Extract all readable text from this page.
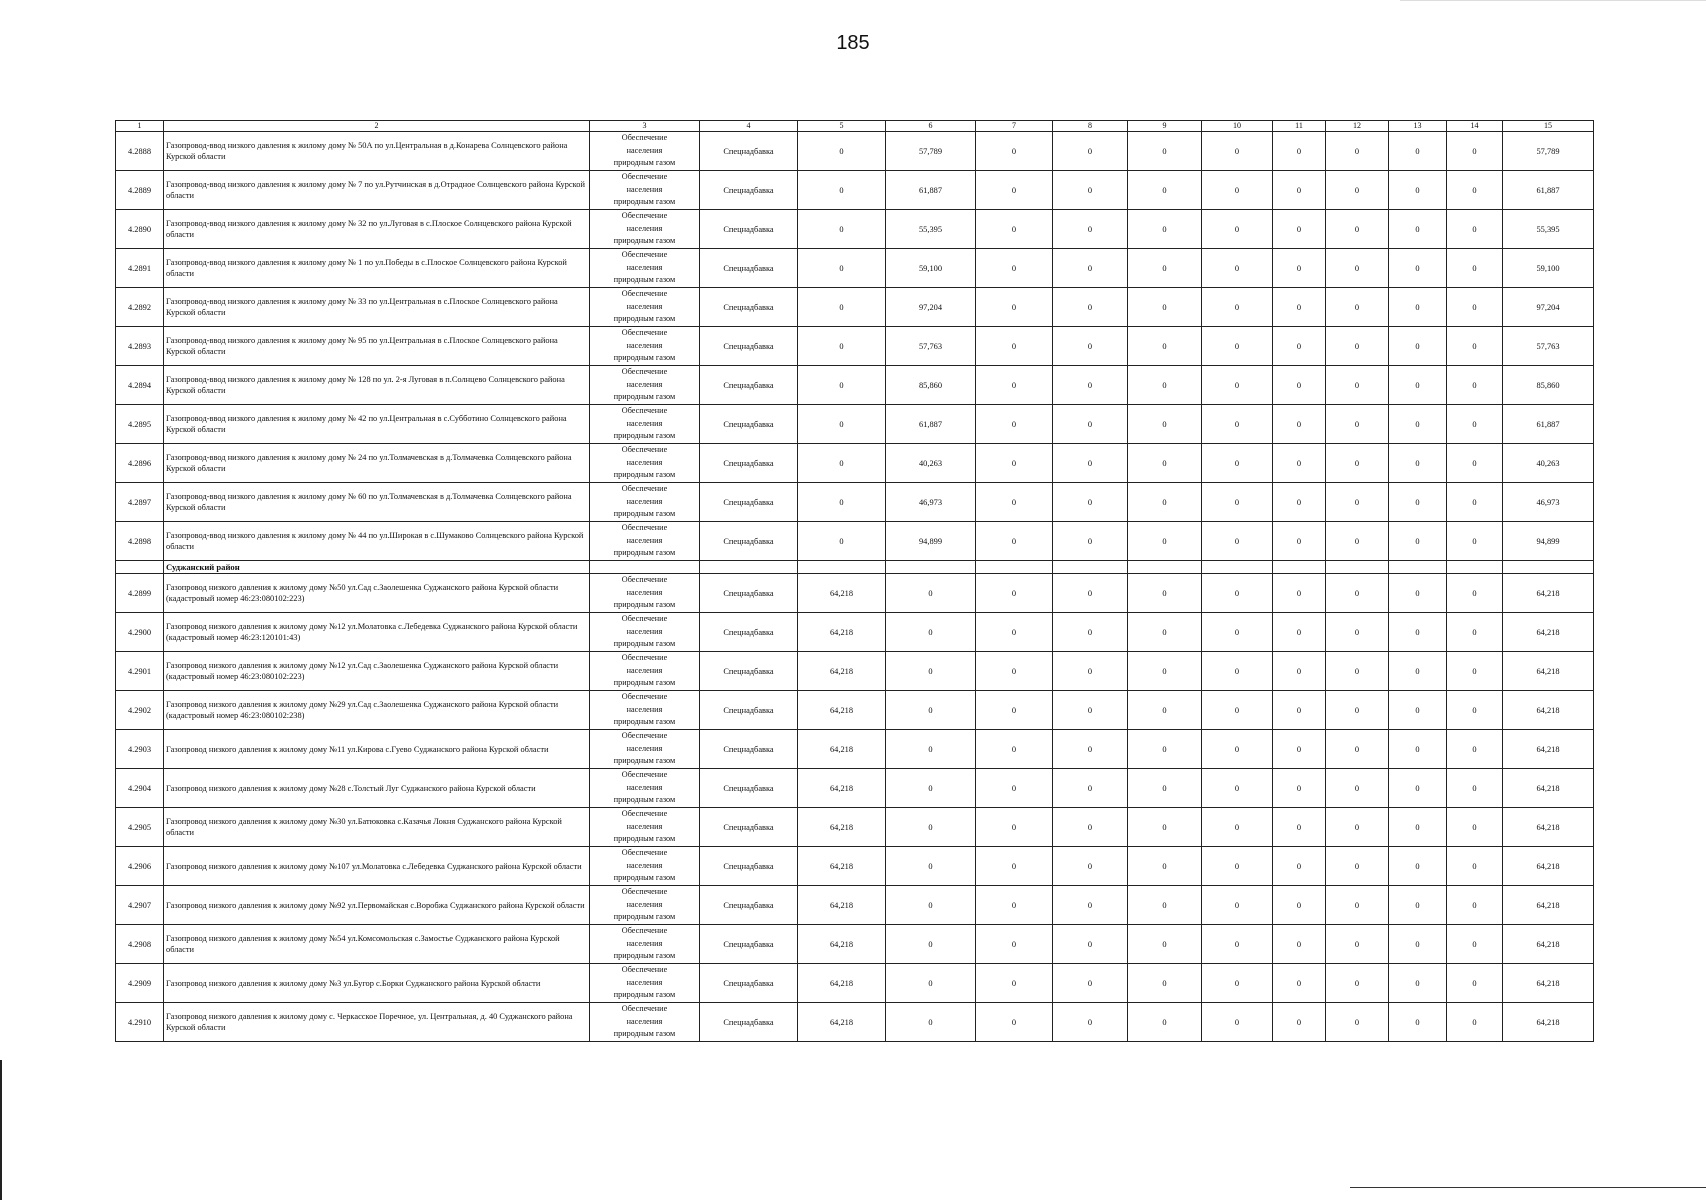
185
1	2	3	4	5	6	7	8	9	10	11	12	13	14	15
4.2888	Газопровод-ввод низкого давления к жилому дому № 50А по ул.Центральная в д.Конарева Солнцевского района Курской области	Обеспечение
населения
природным газом	Спецнадбавка	0	57,789	0	0	0	0	0	0	0	0	57,789
4.2889	Газопровод-ввод низкого давления к жилому дому № 7 по ул.Рутчинская в д.Отрадное Солнцевского района Курской области	Обеспечение
населения
природным газом	Спецнадбавка	0	61,887	0	0	0	0	0	0	0	0	61,887
4.2890	Газопровод-ввод низкого давления к жилому дому № 32 по ул.Луговая в с.Плоское Солнцевского района Курской области	Обеспечение
населения
природным газом	Спецнадбавка	0	55,395	0	0	0	0	0	0	0	0	55,395
4.2891	Газопровод-ввод низкого давления к жилому дому № 1 по ул.Победы в с.Плоское Солнцевского района Курской области	Обеспечение
населения
природным газом	Спецнадбавка	0	59,100	0	0	0	0	0	0	0	0	59,100
4.2892	Газопровод-ввод низкого давления к жилому дому № 33 по ул.Центральная в с.Плоское Солнцевского района Курской области	Обеспечение
населения
природным газом	Спецнадбавка	0	97,204	0	0	0	0	0	0	0	0	97,204
4.2893	Газопровод-ввод низкого давления к жилому дому № 95 по ул.Центральная в с.Плоское Солнцевского района Курской области	Обеспечение
населения
природным газом	Спецнадбавка	0	57,763	0	0	0	0	0	0	0	0	57,763
4.2894	Газопровод-ввод низкого давления к жилому дому № 128 по ул. 2-я Луговая в п.Солнцево Солнцевского района Курской области	Обеспечение
населения
природным газом	Спецнадбавка	0	85,860	0	0	0	0	0	0	0	0	85,860
4.2895	Газопровод-ввод низкого давления к жилому дому № 42 по ул.Центральная в с.Субботино Солнцевского района Курской области	Обеспечение
населения
природным газом	Спецнадбавка	0	61,887	0	0	0	0	0	0	0	0	61,887
4.2896	Газопровод-ввод низкого давления к жилому дому № 24 по ул.Толмачевская в д.Толмачевка Солнцевского района Курской области	Обеспечение
населения
природным газом	Спецнадбавка	0	40,263	0	0	0	0	0	0	0	0	40,263
4.2897	Газопровод-ввод низкого давления к жилому дому № 60 по ул.Толмачевская в д.Толмачевка Солнцевского района Курской области	Обеспечение
населения
природным газом	Спецнадбавка	0	46,973	0	0	0	0	0	0	0	0	46,973
4.2898	Газопровод-ввод низкого давления к жилому дому № 44 по ул.Широкая в с.Шумаково Солнцевского района Курской области	Обеспечение
населения
природным газом	Спецнадбавка	0	94,899	0	0	0	0	0	0	0	0	94,899
	Суджанский район													
4.2899	Газопровод низкого давления к жилому дому №50 ул.Сад с.Заолешенка Суджанского района Курской области (кадастровый номер 46:23:080102:223)	Обеспечение
населения
природным газом	Спецнадбавка	64,218	0	0	0	0	0	0	0	0	0	64,218
4.2900	Газопровод низкого давления к жилому дому №12 ул.Молатовка с.Лебедевка Суджанского района Курской области (кадастровый номер 46:23:120101:43)	Обеспечение
населения
природным газом	Спецнадбавка	64,218	0	0	0	0	0	0	0	0	0	64,218
4.2901	Газопровод низкого давления к жилому дому №12 ул.Сад с.Заолешенка Суджанского района Курской области (кадастровый номер 46:23:080102:223)	Обеспечение
населения
природным газом	Спецнадбавка	64,218	0	0	0	0	0	0	0	0	0	64,218
4.2902	Газопровод низкого давления к жилому дому №29 ул.Сад с.Заолешенка Суджанского района Курской области (кадастровый номер 46:23:080102:238)	Обеспечение
населения
природным газом	Спецнадбавка	64,218	0	0	0	0	0	0	0	0	0	64,218
4.2903	Газопровод низкого давления к жилому дому №11 ул.Кирова с.Гуево Суджанского района Курской области	Обеспечение
населения
природным газом	Спецнадбавка	64,218	0	0	0	0	0	0	0	0	0	64,218
4.2904	Газопровод низкого давления к жилому дому №28 с.Толстый Луг Суджанского района Курской области	Обеспечение
населения
природным газом	Спецнадбавка	64,218	0	0	0	0	0	0	0	0	0	64,218
4.2905	Газопровод низкого давления к жилому дому №30 ул.Батюковка с.Казачья Локня Суджанского района Курской области	Обеспечение
населения
природным газом	Спецнадбавка	64,218	0	0	0	0	0	0	0	0	0	64,218
4.2906	Газопровод низкого давления к жилому дому №107 ул.Молатовка с.Лебедевка Суджанского района Курской области	Обеспечение
населения
природным газом	Спецнадбавка	64,218	0	0	0	0	0	0	0	0	0	64,218
4.2907	Газопровод низкого давления к жилому дому №92 ул.Первомайская с.Воробжа Суджанского района Курской области	Обеспечение
населения
природным газом	Спецнадбавка	64,218	0	0	0	0	0	0	0	0	0	64,218
4.2908	Газопровод низкого давления к жилому дому №54 ул.Комсомольская с.Замостье Суджанского района Курской области	Обеспечение
населения
природным газом	Спецнадбавка	64,218	0	0	0	0	0	0	0	0	0	64,218
4.2909	Газопровод низкого давления к жилому дому №3 ул.Бугор с.Борки Суджанского района Курской области	Обеспечение
населения
природным газом	Спецнадбавка	64,218	0	0	0	0	0	0	0	0	0	64,218
4.2910	Газопровод низкого давления к жилому дому с. Черкасское Поречное, ул. Центральная, д. 40 Суджанского района Курской области	Обеспечение
населения
природным газом	Спецнадбавка	64,218	0	0	0	0	0	0	0	0	0	64,218
